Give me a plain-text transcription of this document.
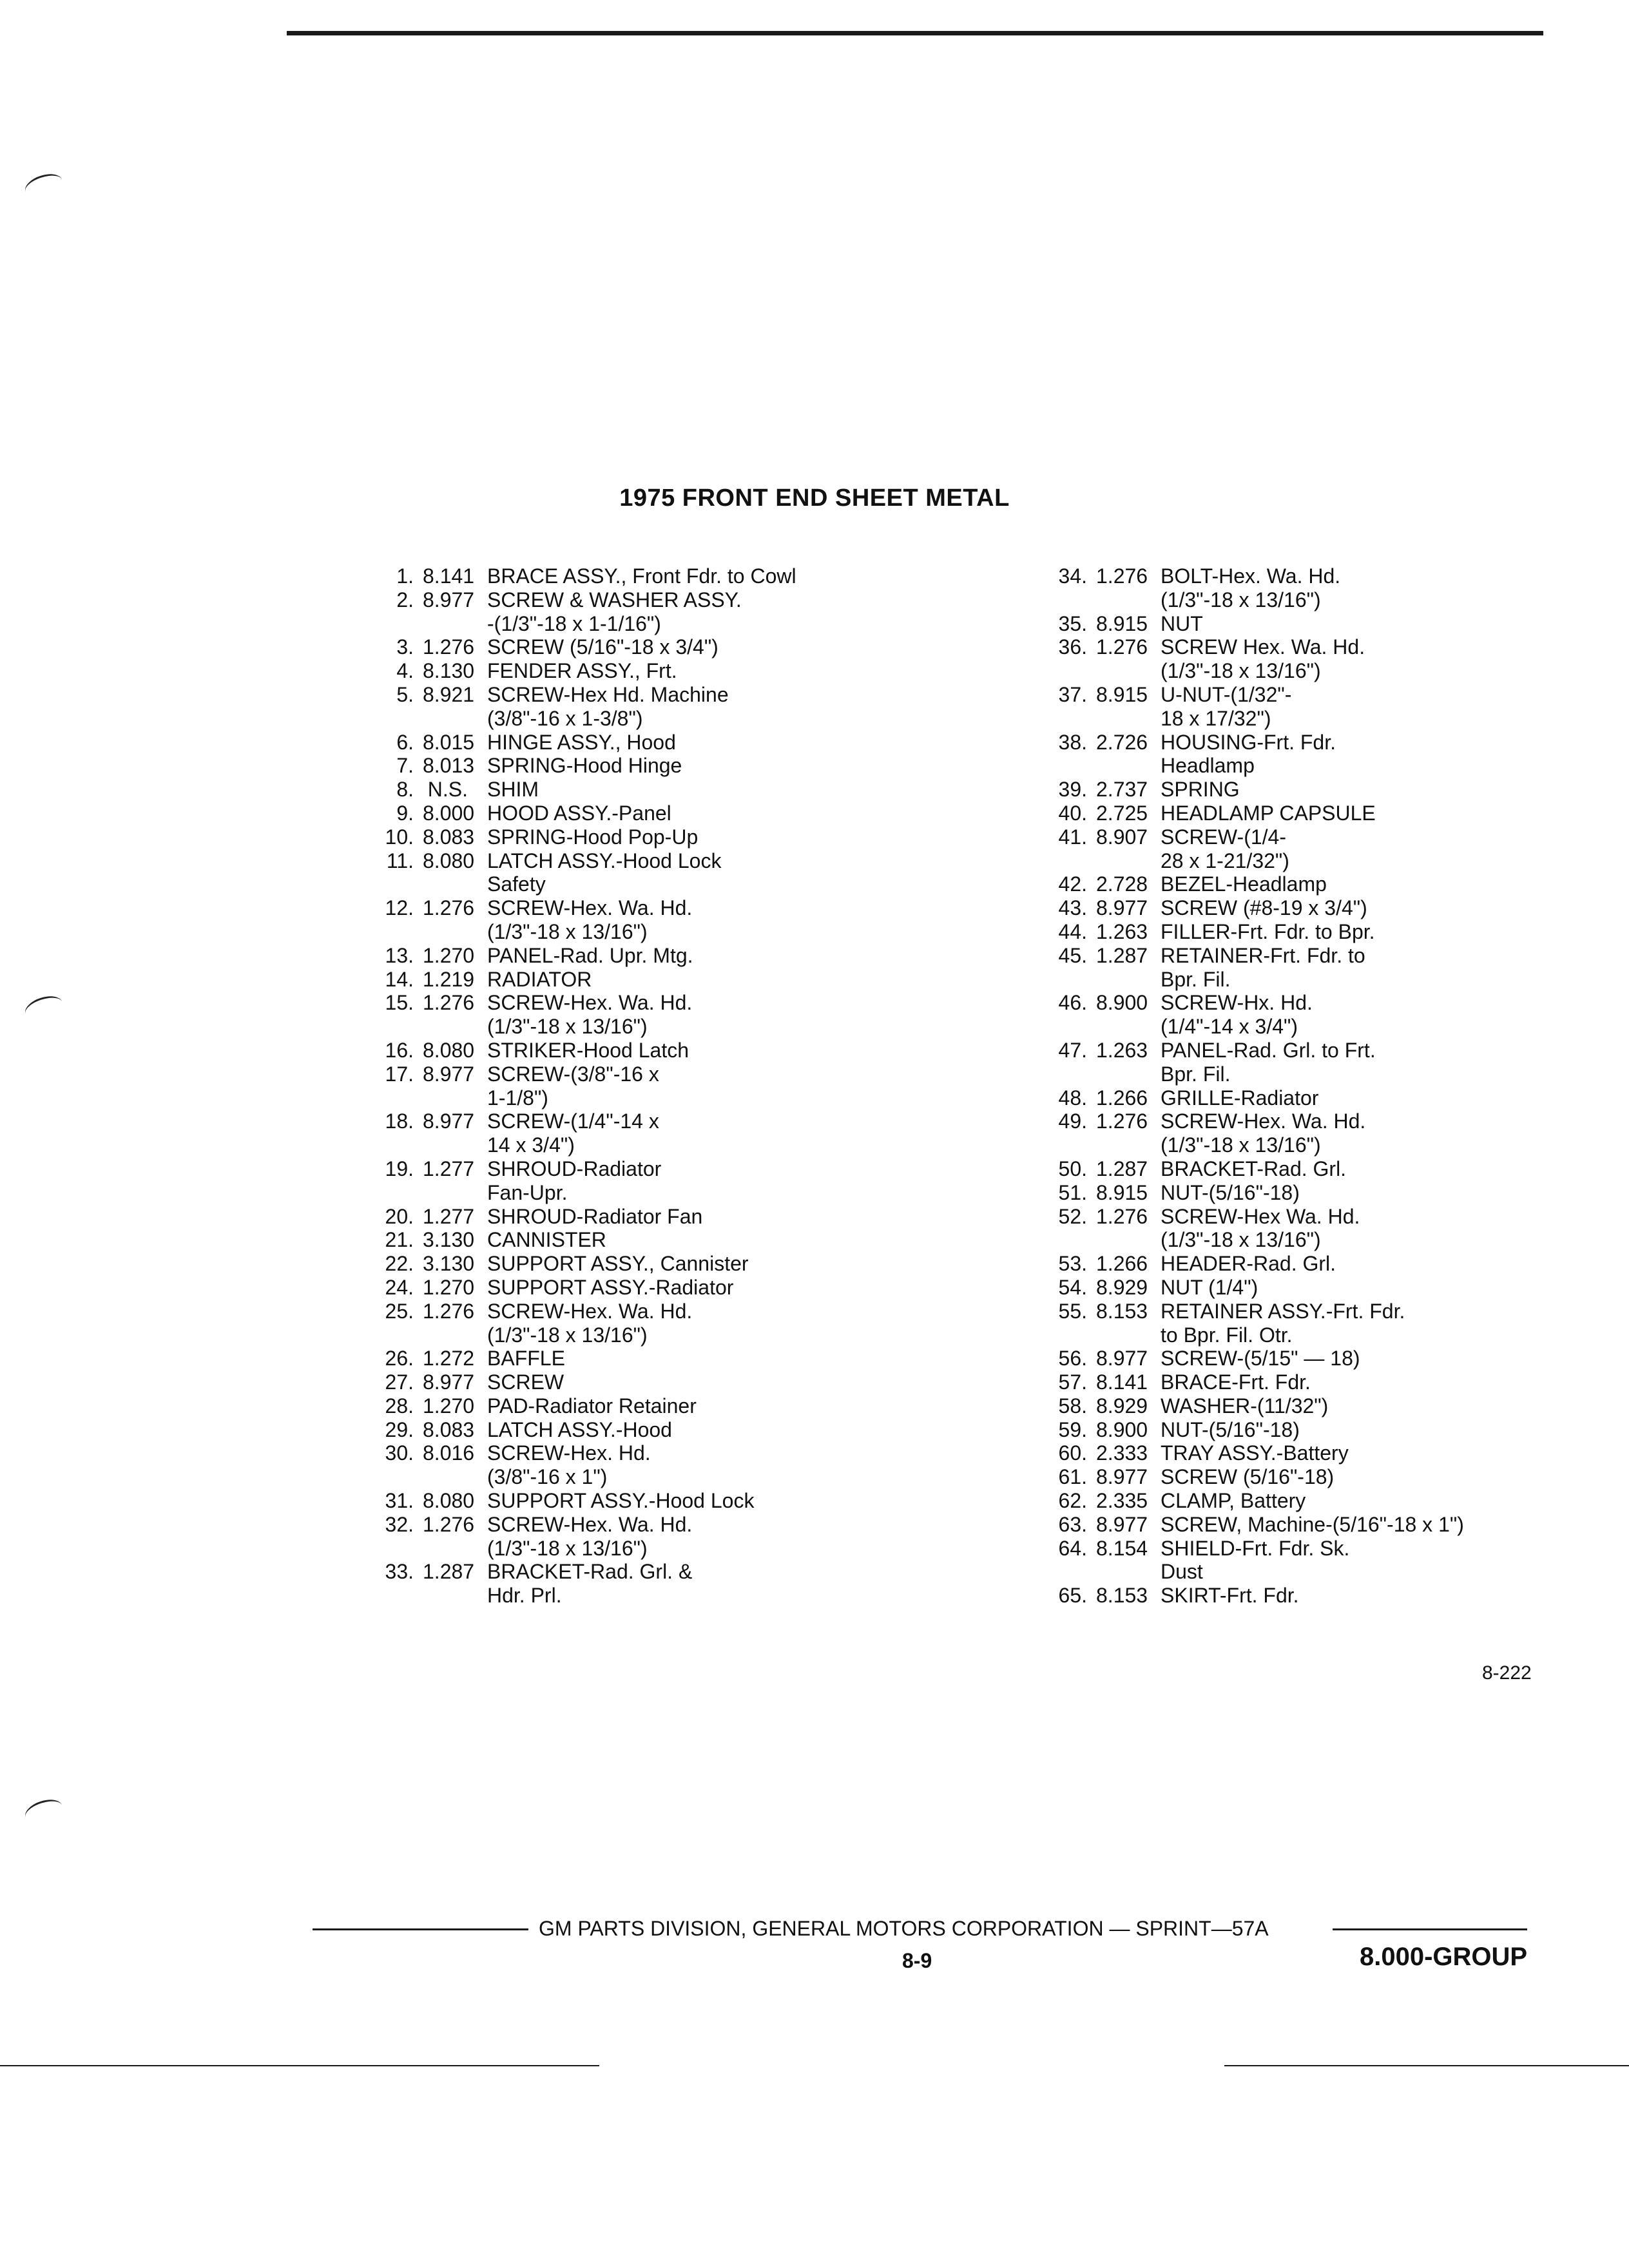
1975 FRONT END SHEET METAL
1. 8.141 BRACE ASSY., Front Fdr. to Cowl
2. 8.977 SCREW & WASHER ASSY.
-(1/3"-18 x 1-1/16")
3. 1.276 SCREW (5/16"-18 x 3/4")
4. 8.130 FENDER ASSY., Frt.
5. 8.921 SCREW-Hex Hd. Machine
(3/8"-16 x 1-3/8")
6. 8.015 HINGE ASSY., Hood
7. 8.013 SPRING-Hood Hinge
8. N.S. SHIM
9. 8.000 HOOD ASSY.-Panel
10. 8.083 SPRING-Hood Pop-Up
11. 8.080 LATCH ASSY.-Hood Lock
Safety
12. 1.276 SCREW-Hex. Wa. Hd.
(1/3"-18 x 13/16")
13. 1.270 PANEL-Rad. Upr. Mtg.
14. 1.219 RADIATOR
15. 1.276 SCREW-Hex. Wa. Hd.
(1/3"-18 x 13/16")
16. 8.080 STRIKER-Hood Latch
17. 8.977 SCREW-(3/8"-16 x
1-1/8")
18. 8.977 SCREW-(1/4"-14 x
14 x 3/4")
19. 1.277 SHROUD-Radiator
Fan-Upr.
20. 1.277 SHROUD-Radiator Fan
21. 3.130 CANNISTER
22. 3.130 SUPPORT ASSY., Cannister
24. 1.270 SUPPORT ASSY.-Radiator
25. 1.276 SCREW-Hex. Wa. Hd.
(1/3"-18 x 13/16")
26. 1.272 BAFFLE
27. 8.977 SCREW
28. 1.270 PAD-Radiator Retainer
29. 8.083 LATCH ASSY.-Hood
30. 8.016 SCREW-Hex. Hd.
(3/8"-16 x 1")
31. 8.080 SUPPORT ASSY.-Hood Lock
32. 1.276 SCREW-Hex. Wa. Hd.
(1/3"-18 x 13/16")
33. 1.287 BRACKET-Rad. Grl. &
Hdr. Prl.
34. 1.276 BOLT-Hex. Wa. Hd.
(1/3"-18 x 13/16")
35. 8.915 NUT
36. 1.276 SCREW Hex. Wa. Hd.
(1/3"-18 x 13/16")
37. 8.915 U-NUT-(1/32"-
18 x 17/32")
38. 2.726 HOUSING-Frt. Fdr.
Headlamp
39. 2.737 SPRING
40. 2.725 HEADLAMP CAPSULE
41. 8.907 SCREW-(1/4-
28 x 1-21/32")
42. 2.728 BEZEL-Headlamp
43. 8.977 SCREW (#8-19 x 3/4")
44. 1.263 FILLER-Frt. Fdr. to Bpr.
45. 1.287 RETAINER-Frt. Fdr. to
Bpr. Fil.
46. 8.900 SCREW-Hx. Hd.
(1/4"-14 x 3/4")
47. 1.263 PANEL-Rad. Grl. to Frt.
Bpr. Fil.
48. 1.266 GRILLE-Radiator
49. 1.276 SCREW-Hex. Wa. Hd.
(1/3"-18 x 13/16")
50. 1.287 BRACKET-Rad. Grl.
51. 8.915 NUT-(5/16"-18)
52. 1.276 SCREW-Hex Wa. Hd.
(1/3"-18 x 13/16")
53. 1.266 HEADER-Rad. Grl.
54. 8.929 NUT (1/4")
55. 8.153 RETAINER ASSY.-Frt. Fdr.
to Bpr. Fil. Otr.
56. 8.977 SCREW-(5/15" — 18)
57. 8.141 BRACE-Frt. Fdr.
58. 8.929 WASHER-(11/32")
59. 8.900 NUT-(5/16"-18)
60. 2.333 TRAY ASSY.-Battery
61. 8.977 SCREW (5/16"-18)
62. 2.335 CLAMP, Battery
63. 8.977 SCREW, Machine-(5/16"-18 x 1")
64. 8.154 SHIELD-Frt. Fdr. Sk.
Dust
65. 8.153 SKIRT-Frt. Fdr.
8-222
GM PARTS DIVISION, GENERAL MOTORS CORPORATION — SPRINT—57A
8-9	8.000-GROUP
